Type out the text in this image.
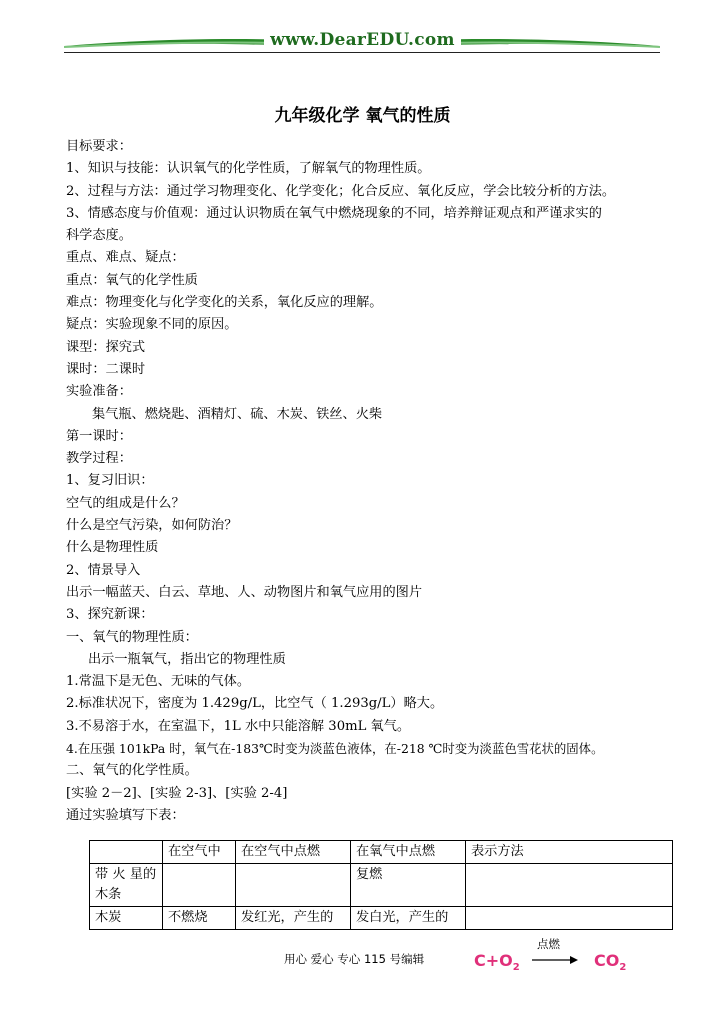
www.DearEDU.com
九年级化学 氧气的性质
目标要求：
1、知识与技能：认识氧气的化学性质，了解氧气的物理性质。
2、过程与方法：通过学习物理变化、化学变化；化合反应、氧化反应，学会比较分析的方法。
3、情感态度与价值观：通过认识物质在氧气中燃烧现象的不同，培养辩证观点和严谨求实的
科学态度。
重点、难点、疑点：
重点：氧气的化学性质
难点：物理变化与化学变化的关系，氧化反应的理解。
疑点：实验现象不同的原因。
课型：探究式
课时：二课时
实验准备：
集气瓶、燃烧匙、酒精灯、硫、木炭、铁丝、火柴
第一课时：
教学过程：
1、复习旧识：
空气的组成是什么？
什么是空气污染，如何防治？
什么是物理性质
2、情景导入
出示一幅蓝天、白云、草地、人、动物图片和氧气应用的图片
3、探究新课：
一、氧气的物理性质：
出示一瓶氧气，指出它的物理性质
1.常温下是无色、无味的气体。
2.标准状况下，密度为 1.429g/L，比空气（ 1.293g/L）略大。
3.不易溶于水，在室温下，1L 水中只能溶解 30mL 氧气。
4.在压强 101kPa 时，氧气在-183℃时变为淡蓝色液体，在-218 ℃时变为淡蓝色雪花状的固体。
二、氧气的化学性质。
[实验 2－2]、[实验 2-3]、[实验 2-4]
通过实验填写下表：
	在空气中	在空气中点燃	在氧气中点燃	表示方法
带 火 星的木条			复燃	
木炭	不燃烧	发红光，产生的	发白光，产生的	
用心 爱心 专心 115 号编辑	$C+O_2$
点燃
→ $CO_2$
